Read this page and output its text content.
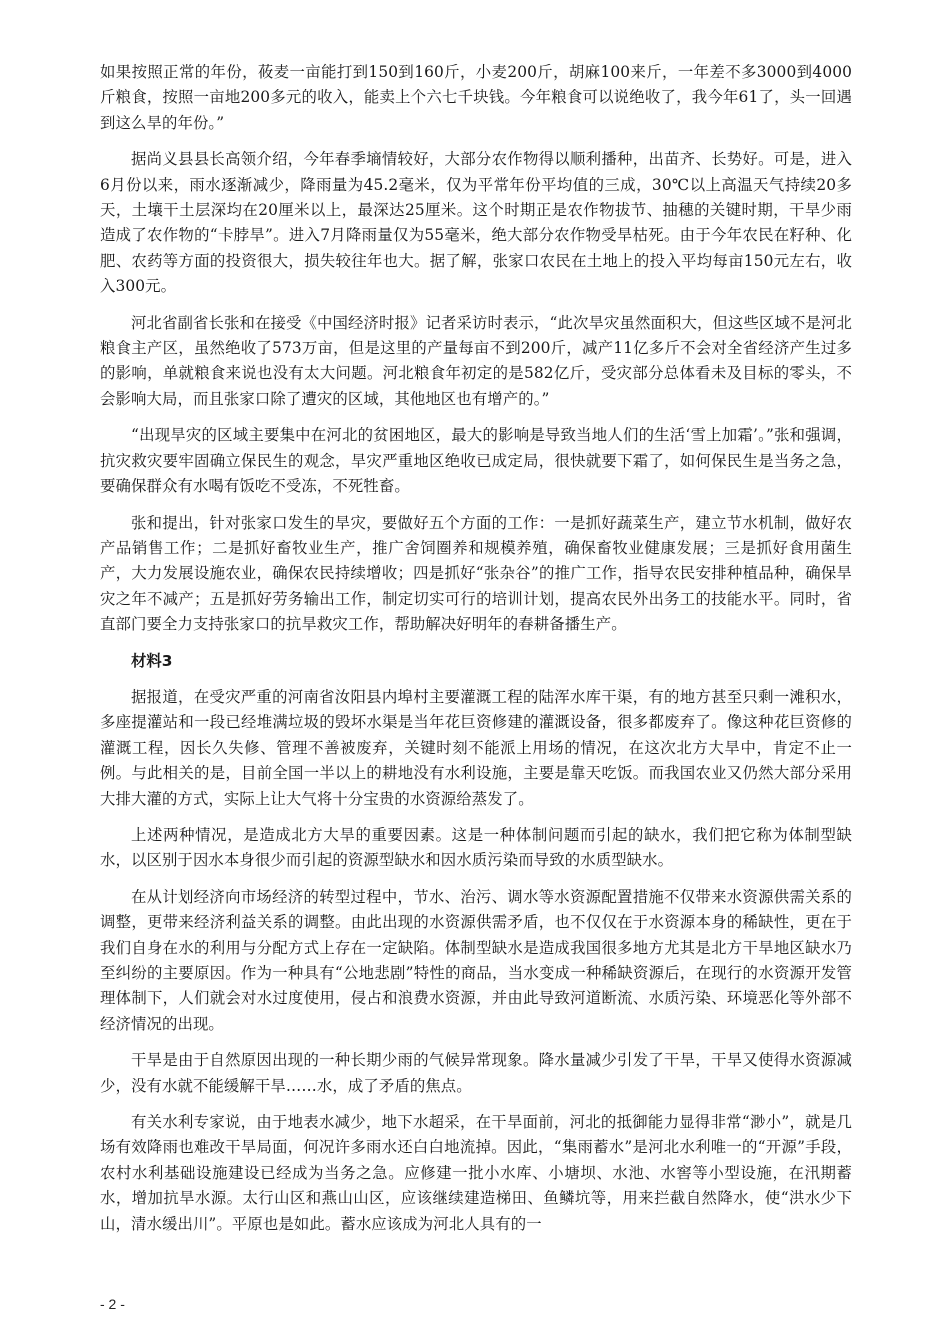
如果按照正常的年份，莜麦一亩能打到150到160斤，小麦200斤，胡麻100来斤，一年差不多3000到4000斤粮食，按照一亩地200多元的收入，能卖上个六七千块钱。今年粮食可以说绝收了，我今年61了，头一回遇到这么旱的年份。”

据尚义县县长高领介绍，今年春季墒情较好，大部分农作物得以顺利播种，出苗齐、长势好。可是，进入6月份以来，雨水逐渐减少，降雨量为45.2毫米，仅为平常年份平均值的三成，30℃以上高温天气持续20多天，土壤干土层深均在20厘米以上，最深达25厘米。这个时期正是农作物拔节、抽穗的关键时期，干旱少雨造成了农作物的“卡脖旱”。进入7月降雨量仅为55毫米，绝大部分农作物受旱枯死。由于今年农民在籽种、化肥、农药等方面的投资很大，损失较往年也大。据了解，张家口农民在土地上的投入平均每亩150元左右，收入300元。

河北省副省长张和在接受《中国经济时报》记者采访时表示，“此次旱灾虽然面积大，但这些区域不是河北粮食主产区，虽然绝收了573万亩，但是这里的产量每亩不到200斤，减产11亿多斤不会对全省经济产生过多的影响，单就粮食来说也没有太大问题。河北粮食年初定的是582亿斤，受灾部分总体看未及目标的零头，不会影响大局，而且张家口除了遭灾的区域，其他地区也有增产的。”

“出现旱灾的区域主要集中在河北的贫困地区，最大的影响是导致当地人们的生活‘雪上加霜’。”张和强调，抗灾救灾要牢固确立保民生的观念，旱灾严重地区绝收已成定局，很快就要下霜了，如何保民生是当务之急，要确保群众有水喝有饭吃不受冻，不死牲畜。

张和提出，针对张家口发生的旱灾，要做好五个方面的工作：一是抓好蔬菜生产，建立节水机制，做好农产品销售工作；二是抓好畜牧业生产，推广舍饲圈养和规模养殖，确保畜牧业健康发展；三是抓好食用菌生产，大力发展设施农业，确保农民持续增收；四是抓好“张杂谷”的推广工作，指导农民安排种植品种，确保旱灾之年不减产；五是抓好劳务输出工作，制定切实可行的培训计划，提高农民外出务工的技能水平。同时，省直部门要全力支持张家口的抗旱救灾工作，帮助解决好明年的春耕备播生产。

材料3

据报道，在受灾严重的河南省汝阳县内埠村主要灌溉工程的陆浑水库干渠，有的地方甚至只剩一滩积水，多座提灌站和一段已经堆满垃圾的毁坏水渠是当年花巨资修建的灌溉设备，很多都废弃了。像这种花巨资修的灌溉工程，因长久失修、管理不善被废弃，关键时刻不能派上用场的情况，在这次北方大旱中，肯定不止一例。与此相关的是，目前全国一半以上的耕地没有水利设施，主要是靠天吃饭。而我国农业又仍然大部分采用大排大灌的方式，实际上让大气将十分宝贵的水资源给蒸发了。

上述两种情况，是造成北方大旱的重要因素。这是一种体制问题而引起的缺水，我们把它称为体制型缺水，以区别于因水本身很少而引起的资源型缺水和因水质污染而导致的水质型缺水。

在从计划经济向市场经济的转型过程中，节水、治污、调水等水资源配置措施不仅带来水资源供需关系的调整，更带来经济利益关系的调整。由此出现的水资源供需矛盾，也不仅仅在于水资源本身的稀缺性，更在于我们自身在水的利用与分配方式上存在一定缺陷。体制型缺水是造成我国很多地方尤其是北方干旱地区缺水乃至纠纷的主要原因。作为一种具有“公地悲剧”特性的商品，当水变成一种稀缺资源后，在现行的水资源开发管理体制下，人们就会对水过度使用，侵占和浪费水资源，并由此导致河道断流、水质污染、环境恶化等外部不经济情况的出现。

干旱是由于自然原因出现的一种长期少雨的气候异常现象。降水量减少引发了干旱，干旱又使得水资源减少，没有水就不能缓解干旱……水，成了矛盾的焦点。

有关水利专家说，由于地表水减少，地下水超采，在干旱面前，河北的抵御能力显得非常“渺小”，就是几场有效降雨也难改干旱局面，何况许多雨水还白白地流掉。因此，“集雨蓄水”是河北水利唯一的“开源”手段，农村水利基础设施建设已经成为当务之急。应修建一批小水库、小塘坝、水池、水窖等小型设施，在汛期蓄水，增加抗旱水源。太行山区和燕山山区，应该继续建造梯田、鱼鳞坑等，用来拦截自然降水，使“洪水少下山，清水缓出川”。平原也是如此。蓄水应该成为河北人具有的一

- 2 -
